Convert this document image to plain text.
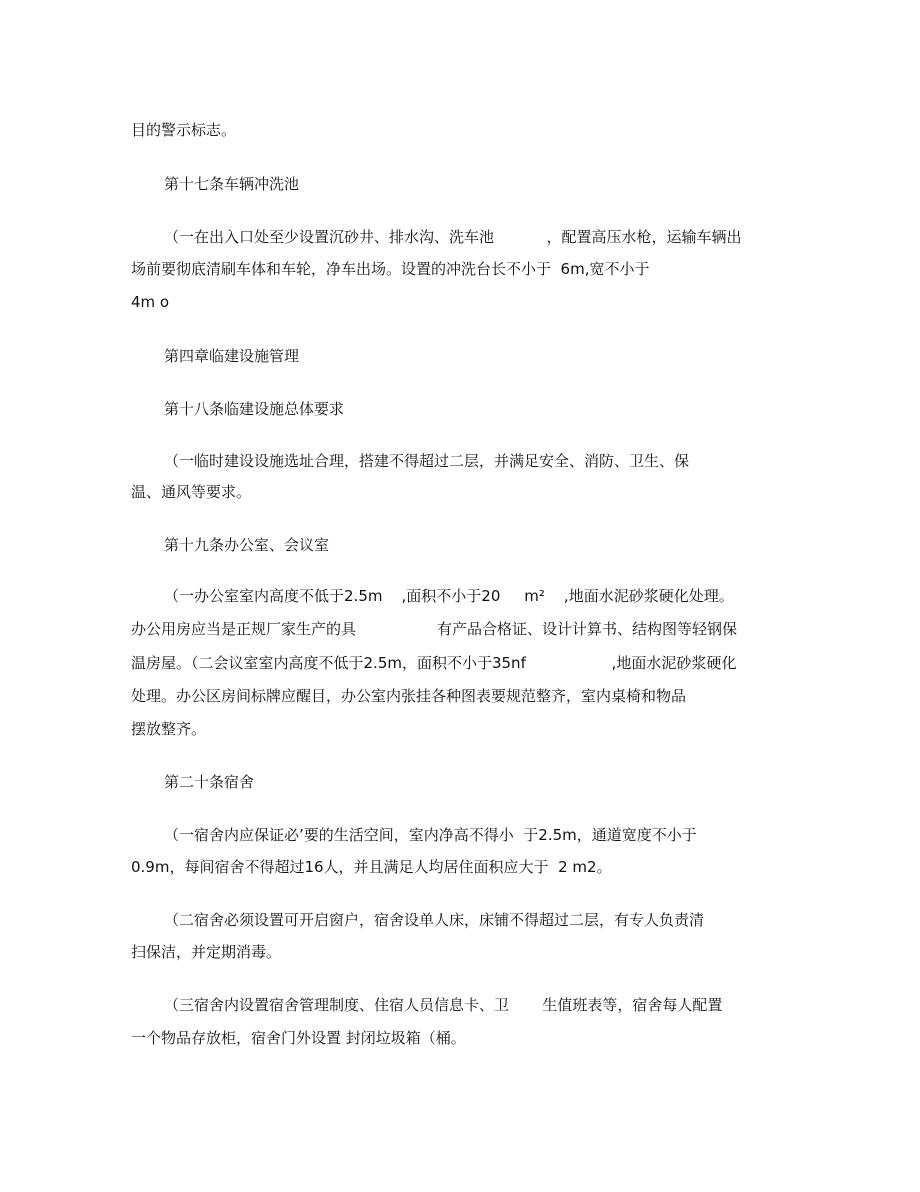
目的警示标志。

第十七条车辆冲洗池

（一在出入口处至少设置沉砂井、排水沟、洗车池           ，配置高压水枪，运输车辆出

场前要彻底清刷车体和车轮，净车出场。设置的冲洗台长不小于  6m,宽不小于

4m o

第四章临建设施管理

第十八条临建设施总体要求

（一临时建设设施选址合理，搭建不得超过二层，并满足安全、消防、卫生、保

温、通风等要求。

第十九条办公室、会议室

（一办公室室内高度不低于2.5m    ,面积不小于20     m²    ,地面水泥砂浆硬化处理。

办公用房应当是正规厂家生产的具                 有产品合格证、设计计算书、结构图等轻钢保

温房屋。（二会议室室内高度不低于2.5m，面积不小于35nf                  ,地面水泥砂浆硬化

处理。办公区房间标牌应醒目，办公室内张挂各种图表要规范整齐，室内桌椅和物品

摆放整齐。

第二十条宿舍

（一宿舍内应保证必’要的生活空间，室内净高不得小  于2.5m，通道宽度不小于

0.9m，每间宿舍不得超过16人，并且满足人均居住面积应大于  2 m2。

（二宿舍必须设置可开启窗户，宿舍设单人床，床铺不得超过二层，有专人负责清

扫保洁，并定期消毒。

（三宿舍内设置宿舍管理制度、住宿人员信息卡、卫       生值班表等，宿舍每人配置

一个物品存放柜，宿舍门外设置 封闭垃圾箱（桶。
